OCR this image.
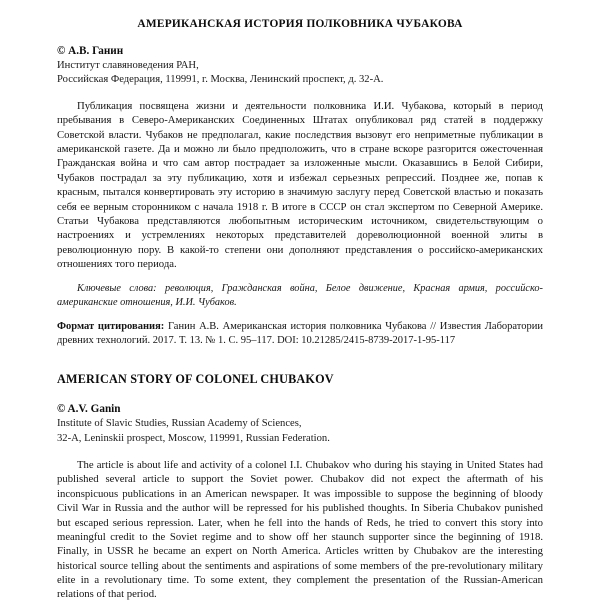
АМЕРИКАНСКАЯ ИСТОРИЯ ПОЛКОВНИКА ЧУБАКОВА
© А.В. Ганин
Институт славяноведения РАН,
Российская Федерация, 119991, г. Москва, Ленинский проспект, д. 32-А.

Публикация посвящена жизни и деятельности полковника И.И. Чубакова, который в период пребывания в Северо-Американских Соединенных Штатах опубликовал ряд статей в поддержку Советской власти. Чубаков не предполагал, какие последствия вызовут его неприметные публикации в американской газете. Да и можно ли было предположить, что в стране вскоре разгорится ожесточенная Гражданская война и что сам автор пострадает за изложенные мысли. Оказавшись в Белой Сибири, Чубаков пострадал за эту публикацию, хотя и избежал серьезных репрессий. Позднее же, попав к красным, пытался конвертировать эту историю в значимую заслугу перед Советской властью и показать себя ее верным сторонником с начала 1918 г. В итоге в СССР он стал экспертом по Северной Америке. Статьи Чубакова представляются любопытным историческим источником, свидетельствующим о настроениях и устремлениях некоторых представителей дореволюционной военной элиты в революционную пору. В какой-то степени они дополняют представления о российско-американских отношениях того периода.

Ключевые слова: революция, Гражданская война, Белое движение, Красная армия, российско-американские отношения, И.И. Чубаков.

Формат цитирования: Ганин А.В. Американская история полковника Чубакова // Известия Лаборатории древних технологий. 2017. Т. 13. № 1. С. 95–117. DOI: 10.21285/2415-8739-2017-1-95-117

AMERICAN STORY OF COLONEL CHUBAKOV
© A.V. Ganin
Institute of Slavic Studies, Russian Academy of Sciences,
32-A, Leninskii prospect, Moscow, 119991, Russian Federation.

The article is about life and activity of a colonel I.I. Chubakov who during his staying in United States had published several article to support the Soviet power. Chubakov did not expect the aftermath of his inconspicuous publications in an American newspaper. It was impossible to suppose the beginning of bloody Civil War in Russia and the author will be repressed for his published thoughts. In Siberia Chubakov punished but escaped serious repression. Later, when he fell into the hands of Reds, he tried to convert this story into meaningful credit to the Soviet regime and to show off her staunch supporter since the beginning of 1918. Finally, in USSR he became an expert on North America. Articles written by Chubakov are the interesting historical source telling about the sentiments and aspirations of some members of the pre-revolutionary military elite in a revolutionary time. To some extent, they complement the presentation of the Russian-American relations of that period.
